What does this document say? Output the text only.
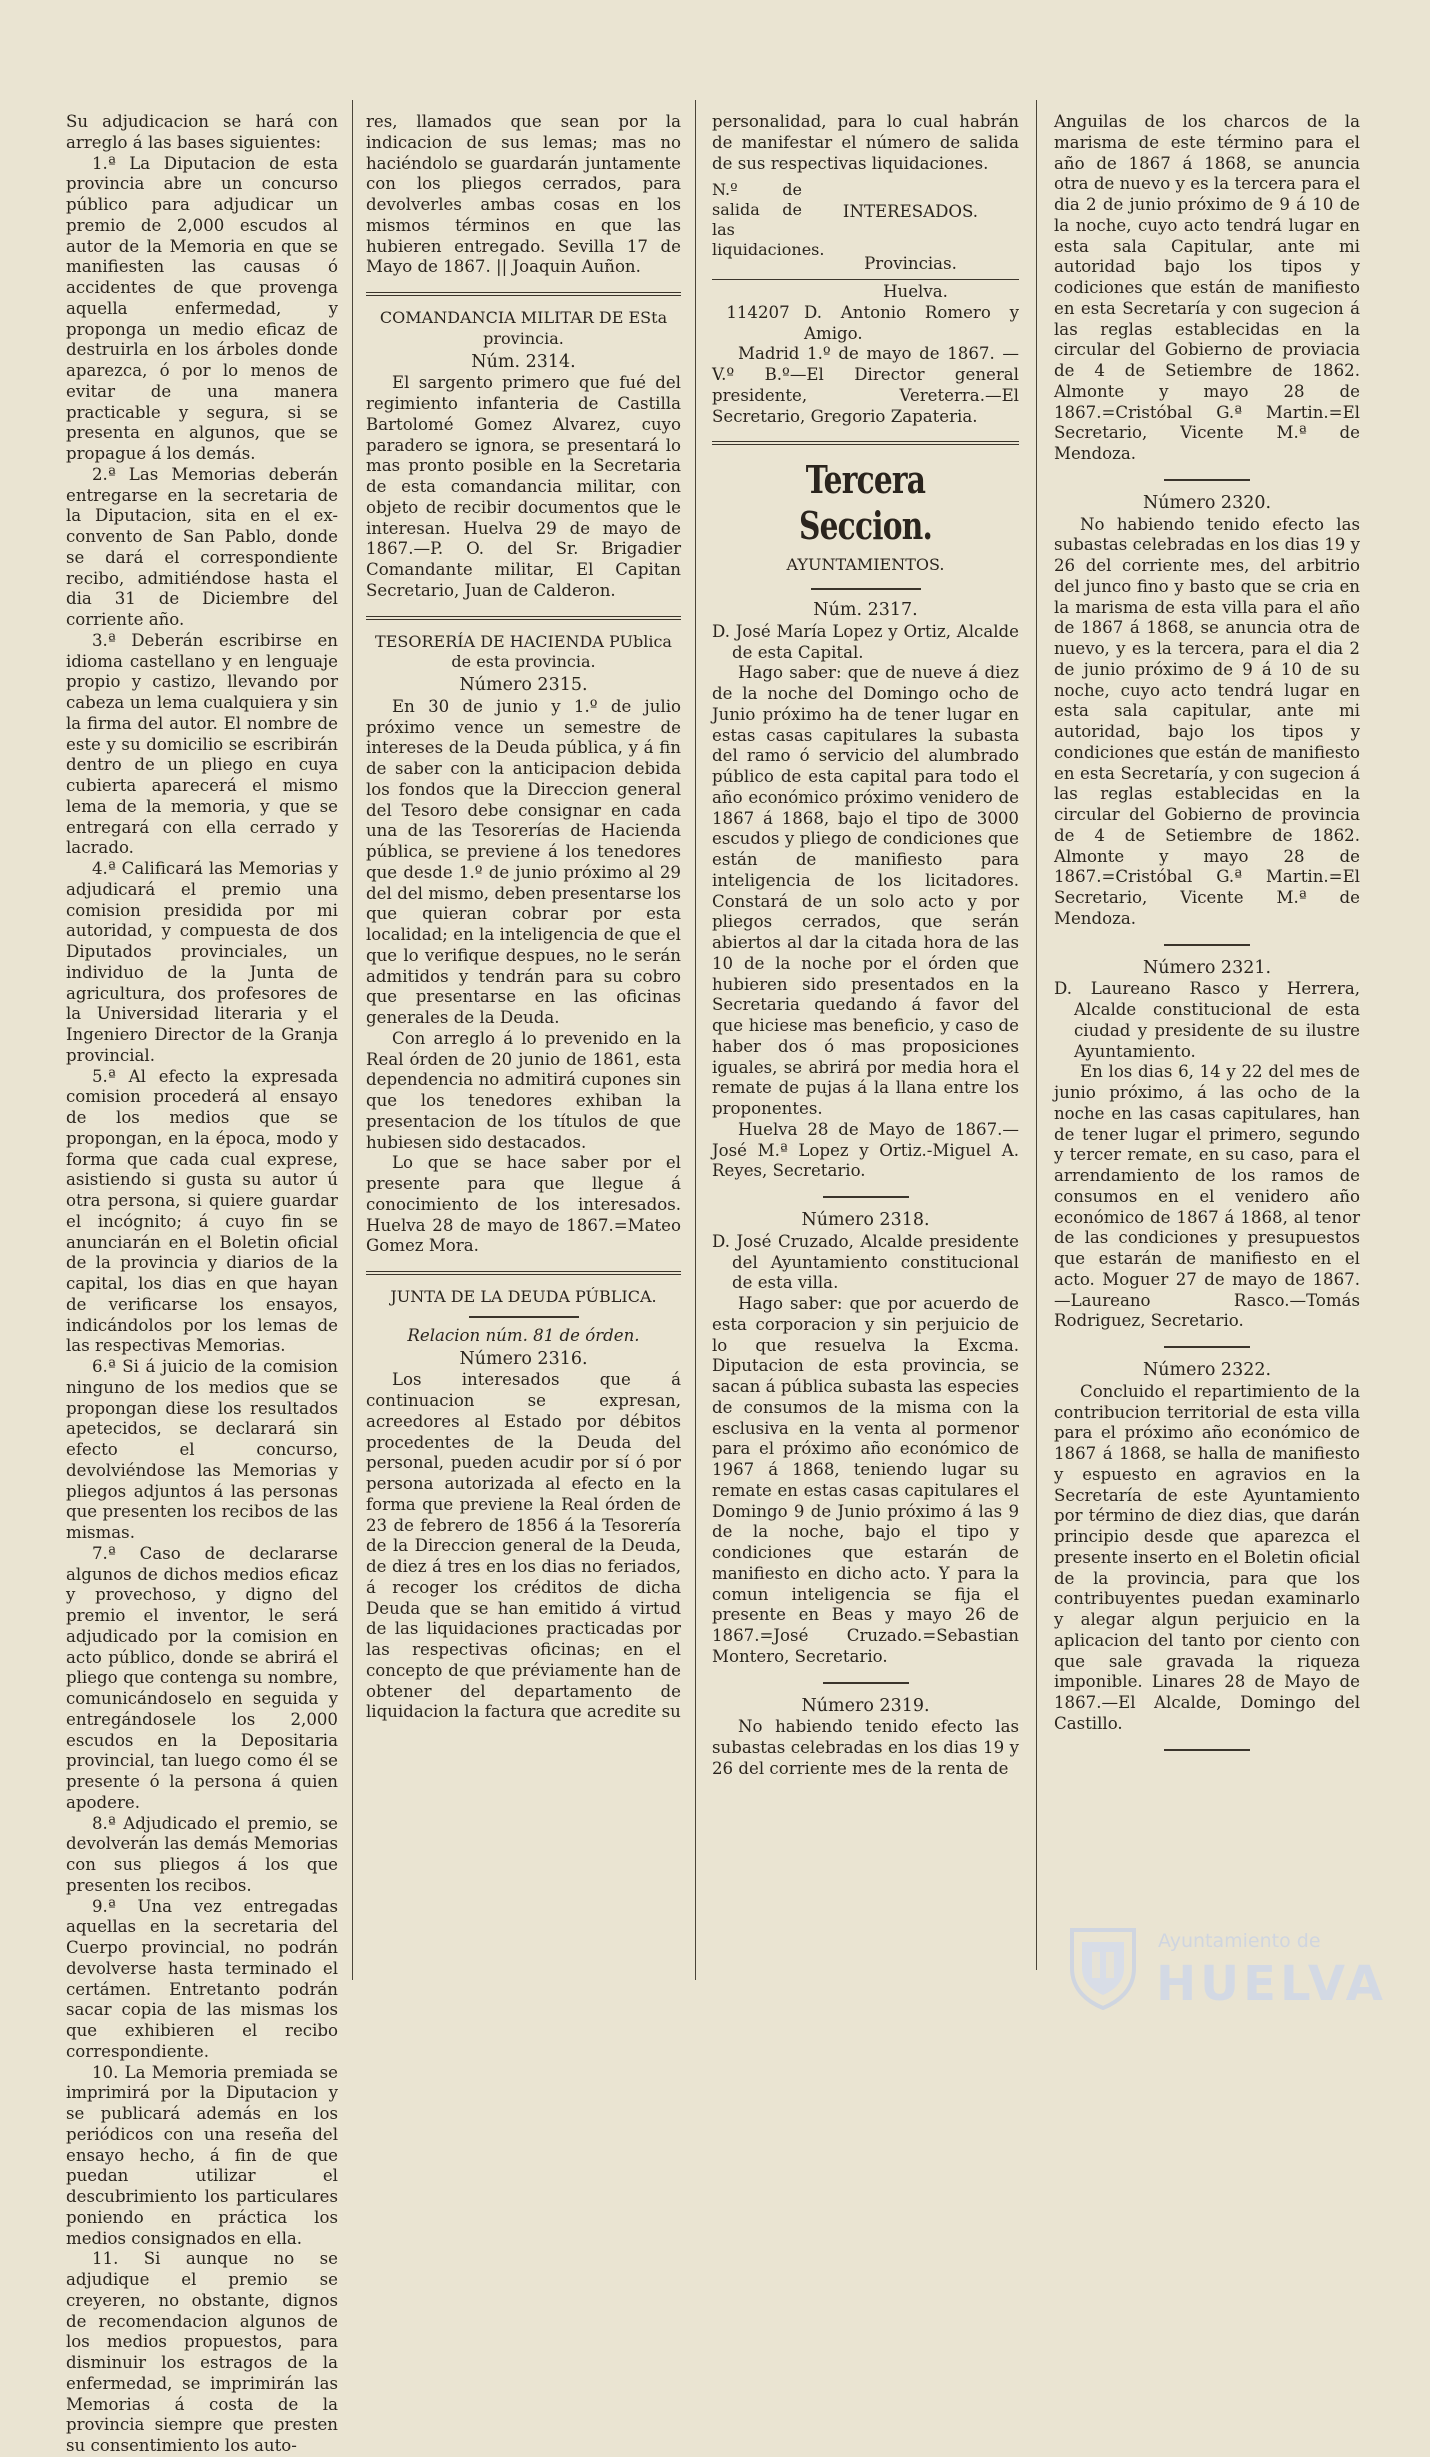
Su adjudicacion se hará con arreglo á las bases siguientes:

1.ª La Diputacion de esta provincia abre un concurso público para adjudicar un premio de 2,000 escudos al autor de la Memoria en que se manifiesten las causas ó accidentes de que provenga aquella enfermedad, y proponga un medio eficaz de destruirla en los árboles donde aparezca, ó por lo menos de evitar de una manera practicable y segura, si se presenta en algunos, que se propague á los demás.

2.ª Las Memorias deberán entregarse en la secretaria de la Diputacion, sita en el ex-convento de San Pablo, donde se dará el correspondiente recibo, admitiéndose hasta el dia 31 de Diciembre del corriente año.

3.ª Deberán escribirse en idioma castellano y en lenguaje propio y castizo, llevando por cabeza un lema cualquiera y sin la firma del autor. El nombre de este y su domicilio se escribirán dentro de un pliego en cuya cubierta aparecerá el mismo lema de la memoria, y que se entregará con ella cerrado y lacrado.

4.ª Calificará las Memorias y adjudicará el premio una comision presidida por mi autoridad, y compuesta de dos Diputados provinciales, un individuo de la Junta de agricultura, dos profesores de la Universidad literaria y el Ingeniero Director de la Granja provincial.

5.ª Al efecto la expresada comision procederá al ensayo de los medios que se propongan, en la época, modo y forma que cada cual exprese, asistiendo si gusta su autor ú otra persona, si quiere guardar el incógnito; á cuyo fin se anunciarán en el Boletin oficial de la provincia y diarios de la capital, los dias en que hayan de verificarse los ensayos, indicándolos por los lemas de las respectivas Memorias.

6.ª Si á juicio de la comision ninguno de los medios que se propongan diese los resultados apetecidos, se declarará sin efecto el concurso, devolviéndose las Memorias y pliegos adjuntos á las personas que presenten los recibos de las mismas.

7.ª Caso de declararse algunos de dichos medios eficaz y provechoso, y digno del premio el inventor, le será adjudicado por la comision en acto público, donde se abrirá el pliego que contenga su nombre, comunicándoselo en seguida y entregándosele los 2,000 escudos en la Depositaria provincial, tan luego como él se presente ó la persona á quien apodere.

8.ª Adjudicado el premio, se devolverán las demás Memorias con sus pliegos á los que presenten los recibos.

9.ª Una vez entregadas aquellas en la secretaria del Cuerpo provincial, no podrán devolverse hasta terminado el certámen. Entretanto podrán sacar copia de las mismas los que exhibieren el recibo correspondiente.

10. La Memoria premiada se imprimirá por la Diputacion y se publicará además en los periódicos con una reseña del ensayo hecho, á fin de que puedan utilizar el descubrimiento los particulares poniendo en práctica los medios consignados en ella.

11. Si aunque no se adjudique el premio se creyeren, no obstante, dignos de recomendacion algunos de los medios propuestos, para disminuir los estragos de la enfermedad, se imprimirán las Memorias á costa de la provincia siempre que presten su consentimiento los auto-

res, llamados que sean por la indicacion de sus lemas; mas no haciéndolo se guardarán juntamente con los pliegos cerrados, para devolverles ambas cosas en los mismos términos en que las hubieren entregado. Sevilla 17 de Mayo de 1867. || Joaquin Auñon.

COMANDANCIA MILITAR DE ESta provincia.

Núm. 2314.

El sargento primero que fué del regimiento infanteria de Castilla Bartolomé Gomez Alvarez, cuyo paradero se ignora, se presentará lo mas pronto posible en la Secretaria de esta comandancia militar, con objeto de recibir documentos que le interesan. Huelva 29 de mayo de 1867.—P. O. del Sr. Brigadier Comandante militar, El Capitan Secretario, Juan de Calderon.

TESORERÍA DE HACIENDA PUblica de esta provincia.

Número 2315.

En 30 de junio y 1.º de julio próximo vence un semestre de intereses de la Deuda pública, y á fin de saber con la anticipacion debida los fondos que la Direccion general del Tesoro debe consignar en cada una de las Tesorerías de Hacienda pública, se previene á los tenedores que desde 1.º de junio próximo al 29 del del mismo, deben presentarse los que quieran cobrar por esta localidad; en la inteligencia de que el que lo verifique despues, no le serán admitidos y tendrán para su cobro que presentarse en las oficinas generales de la Deuda.

Con arreglo á lo prevenido en la Real órden de 20 junio de 1861, esta dependencia no admitirá cupones sin que los tenedores exhiban la presentacion de los títulos de que hubiesen sido destacados.

Lo que se hace saber por el presente para que llegue á conocimiento de los interesados. Huelva 28 de mayo de 1867.=Mateo Gomez Mora.

JUNTA DE LA DEUDA PÚBLICA.

Relacion núm. 81 de órden.

Número 2316.

Los interesados que á continuacion se expresan, acreedores al Estado por débitos procedentes de la Deuda del personal, pueden acudir por sí ó por persona autorizada al efecto en la forma que previene la Real órden de 23 de febrero de 1856 á la Tesorería de la Direccion general de la Deuda, de diez á tres en los dias no feriados, á recoger los créditos de dicha Deuda que se han emitido á virtud de las liquidaciones practicadas por las respectivas oficinas; en el concepto de que préviamente han de obtener del departamento de liquidacion la factura que acredite su

personalidad, para lo cual habrán de manifestar el número de salida de sus respectivas liquidaciones.

N.º de salida de las liquidaciones.
INTERESADOS.
Provincias.

Huelva.

114207 D. Antonio Romero y Amigo.

Madrid 1.º de mayo de 1867. —V.º B.º—El Director general presidente, Vereterra.—El Secretario, Gregorio Zapateria.

Tercera Seccion.

AYUNTAMIENTOS.

Núm. 2317.

D. José María Lopez y Ortiz, Alcalde de esta Capital.

Hago saber: que de nueve á diez de la noche del Domingo ocho de Junio próximo ha de tener lugar en estas casas capitulares la subasta del ramo ó servicio del alumbrado público de esta capital para todo el año económico próximo venidero de 1867 á 1868, bajo el tipo de 3000 escudos y pliego de condiciones que están de manifiesto para inteligencia de los licitadores. Constará de un solo acto y por pliegos cerrados, que serán abiertos al dar la citada hora de las 10 de la noche por el órden que hubieren sido presentados en la Secretaria quedando á favor del que hiciese mas beneficio, y caso de haber dos ó mas proposiciones iguales, se abrirá por media hora el remate de pujas á la llana entre los proponentes.

Huelva 28 de Mayo de 1867.—José M.ª Lopez y Ortiz.-Miguel A. Reyes, Secretario.

Número 2318.

D. José Cruzado, Alcalde presidente del Ayuntamiento constitucional de esta villa.

Hago saber: que por acuerdo de esta corporacion y sin perjuicio de lo que resuelva la Excma. Diputacion de esta provincia, se sacan á pública subasta las especies de consumos de la misma con la esclusiva en la venta al pormenor para el próximo año económico de 1967 á 1868, teniendo lugar su remate en estas casas capitulares el Domingo 9 de Junio próximo á las 9 de la noche, bajo el tipo y condiciones que estarán de manifiesto en dicho acto. Y para la comun inteligencia se fija el presente en Beas y mayo 26 de 1867.=José Cruzado.=Sebastian Montero, Secretario.

Número 2319.

No habiendo tenido efecto las subastas celebradas en los dias 19 y 26 del corriente mes de la renta de

Anguilas de los charcos de la marisma de este término para el año de 1867 á 1868, se anuncia otra de nuevo y es la tercera para el dia 2 de junio próximo de 9 á 10 de la noche, cuyo acto tendrá lugar en esta sala Capitular, ante mi autoridad bajo los tipos y codiciones que están de manifiesto en esta Secretaría y con sugecion á las reglas establecidas en la circular del Gobierno de proviacia de 4 de Setiembre de 1862. Almonte y mayo 28 de 1867.=Cristóbal G.ª Martin.=El Secretario, Vicente M.ª de Mendoza.

Número 2320.

No habiendo tenido efecto las subastas celebradas en los dias 19 y 26 del corriente mes, del arbitrio del junco fino y basto que se cria en la marisma de esta villa para el año de 1867 á 1868, se anuncia otra de nuevo, y es la tercera, para el dia 2 de junio próximo de 9 á 10 de su noche, cuyo acto tendrá lugar en esta sala capitular, ante mi autoridad, bajo los tipos y condiciones que están de manifiesto en esta Secretaría, y con sugecion á las reglas establecidas en la circular del Gobierno de provincia de 4 de Setiembre de 1862. Almonte y mayo 28 de 1867.=Cristóbal G.ª Martin.=El Secretario, Vicente M.ª de Mendoza.

Número 2321.

D. Laureano Rasco y Herrera, Alcalde constitucional de esta ciudad y presidente de su ilustre Ayuntamiento.

En los dias 6, 14 y 22 del mes de junio próximo, á las ocho de la noche en las casas capitulares, han de tener lugar el primero, segundo y tercer remate, en su caso, para el arrendamiento de los ramos de consumos en el venidero año económico de 1867 á 1868, al tenor de las condiciones y presupuestos que estarán de manifiesto en el acto. Moguer 27 de mayo de 1867. —Laureano Rasco.—Tomás Rodriguez, Secretario.

Número 2322.

Concluido el repartimiento de la contribucion territorial de esta villa para el próximo año económico de 1867 á 1868, se halla de manifiesto y espuesto en agravios en la Secretaría de este Ayuntamiento por término de diez dias, que darán principio desde que aparezca el presente inserto en el Boletin oficial de la provincia, para que los contribuyentes puedan examinarlo y alegar algun perjuicio en la aplicacion del tanto por ciento con que sale gravada la riqueza imponible. Linares 28 de Mayo de 1867.—El Alcalde, Domingo del Castillo.

Ayuntamiento de
HUELVA
